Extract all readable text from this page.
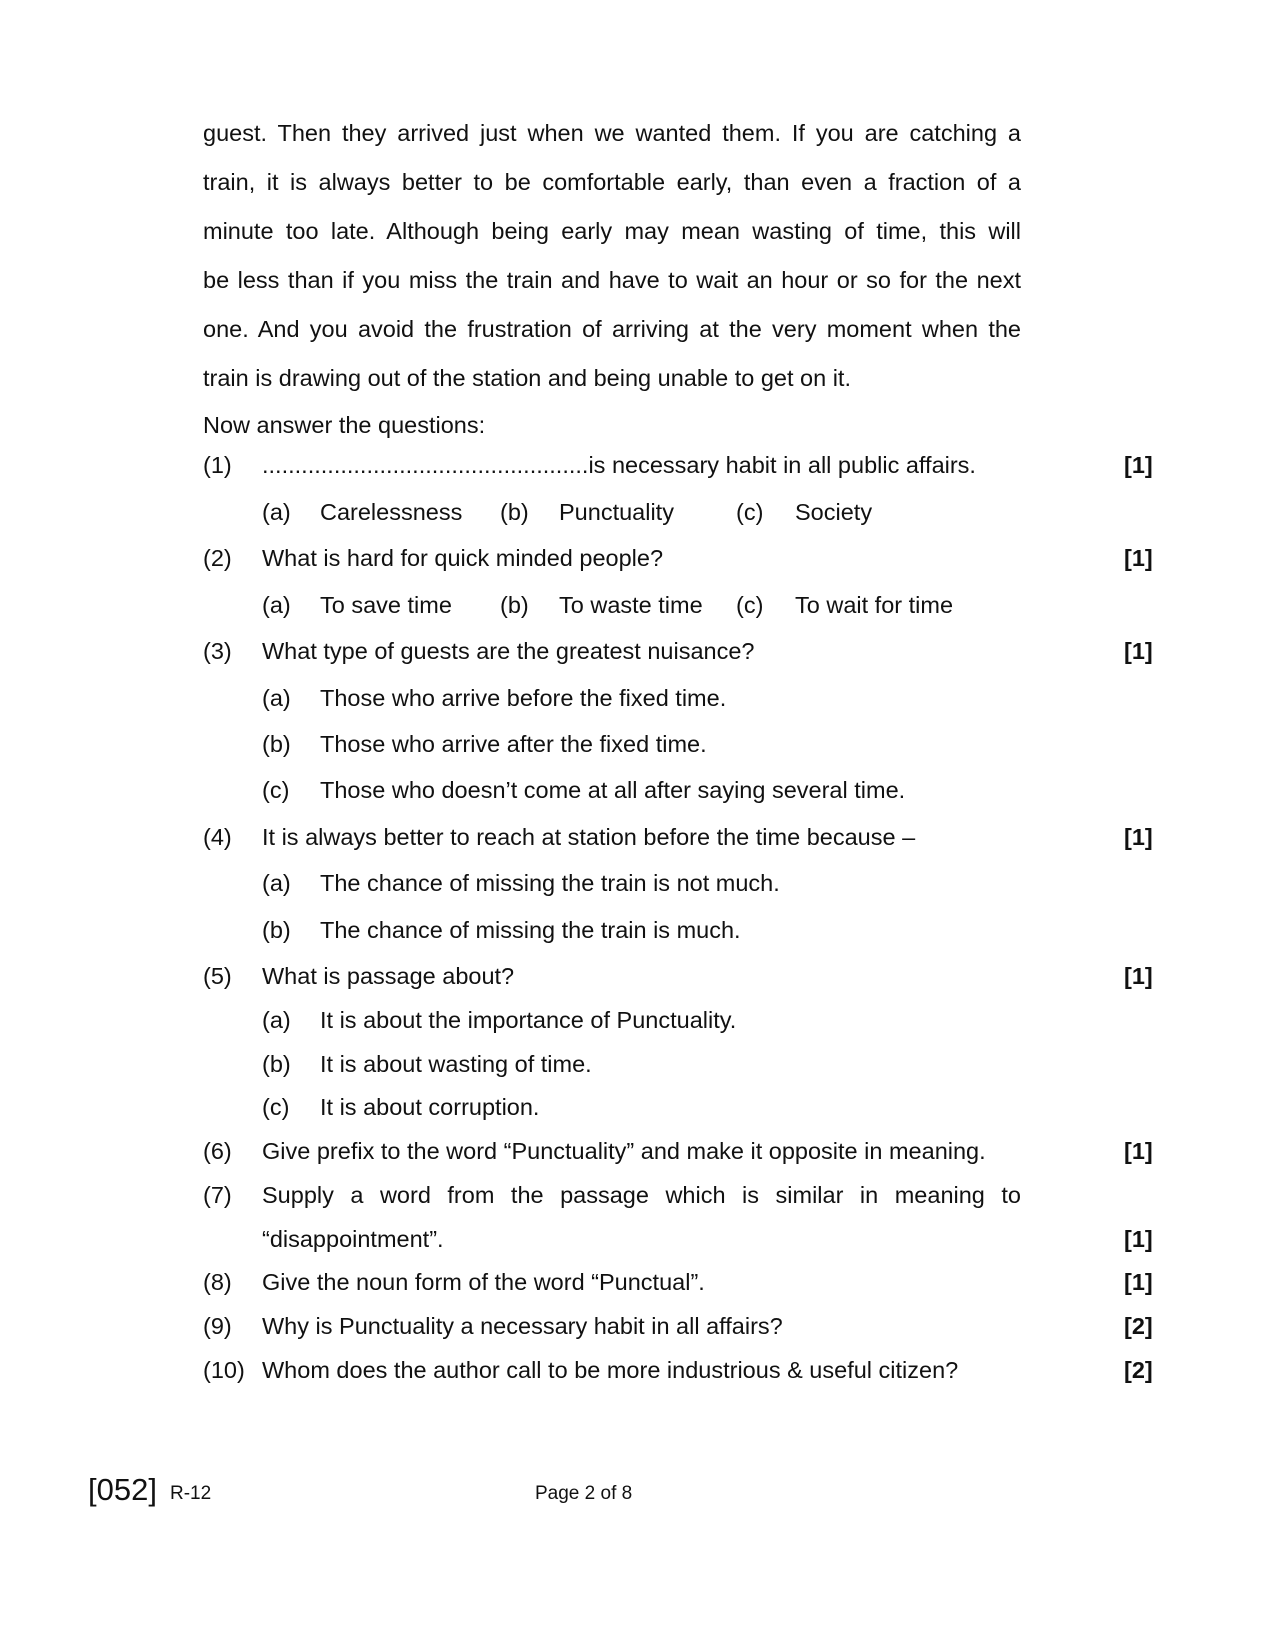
guest. Then they arrived just when we wanted them. If you are catching a
train, it is always better to be comfortable early, than even a fraction of a
minute too late. Although being early may mean wasting of time, this will
be less than if you miss the train and have to wait an hour or so for the next
one. And you avoid the frustration of arriving at the very moment when the
train is drawing out of the station and being unable to get on it.
Now answer the questions:
(1) ..................................................is necessary habit in all public affairs.	[1]
(a) Carelessness (b) Punctuality	(c) Society
(2) What is hard for quick minded people?	[1]
(a) To save time (b) To waste time (c) To wait for time
(3) What type of guests are the greatest nuisance?	[1]
(a) Those who arrive before the fixed time.
(b) Those who arrive after the fixed time.
(c) Those who doesn’t come at all after saying several time.
(4) It is always better to reach at station before the time because –	[1]
(a) The chance of missing the train is not much.
(b) The chance of missing the train is much.
(5) What is passage about?	[1]
(a) It is about the importance of Punctuality.
(b) It is about wasting of time.
(c) It is about corruption.
(6) Give prefix to the word “Punctuality” and make it opposite in meaning.	[1]
(7) Supply a word from the passage which is similar in meaning to
“disappointment”.	[1]
(8) Give the noun form of the word “Punctual”.	[1]
(9) Why is Punctuality a necessary habit in all affairs?	[2]
(10) Whom does the author call to be more industrious & useful citizen?	[2]
[052] R-12	Page 2 of 8
